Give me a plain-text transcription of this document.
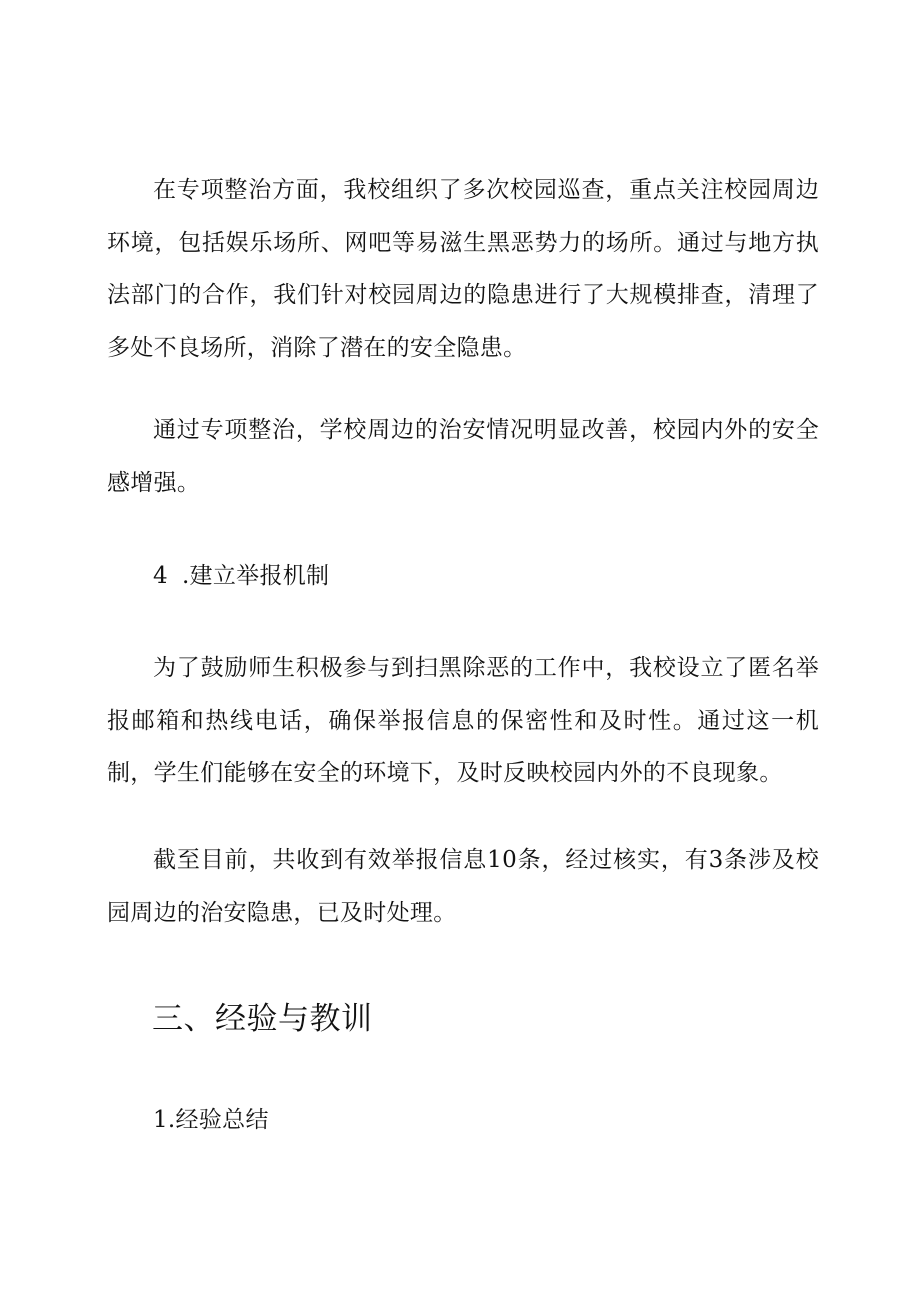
在专项整治方面，我校组织了多次校园巡查，重点关注校园周边环境，包括娱乐场所、网吧等易滋生黑恶势力的场所。通过与地方执法部门的合作，我们针对校园周边的隐患进行了大规模排查，清理了多处不良场所，消除了潜在的安全隐患。

通过专项整治，学校周边的治安情况明显改善，校园内外的安全感增强。

4 .建立举报机制

为了鼓励师生积极参与到扫黑除恶的工作中，我校设立了匿名举报邮箱和热线电话，确保举报信息的保密性和及时性。通过这一机制，学生们能够在安全的环境下，及时反映校园内外的不良现象。

截至目前，共收到有效举报信息10条，经过核实，有3条涉及校园周边的治安隐患，已及时处理。

三、经验与教训

1.经验总结
